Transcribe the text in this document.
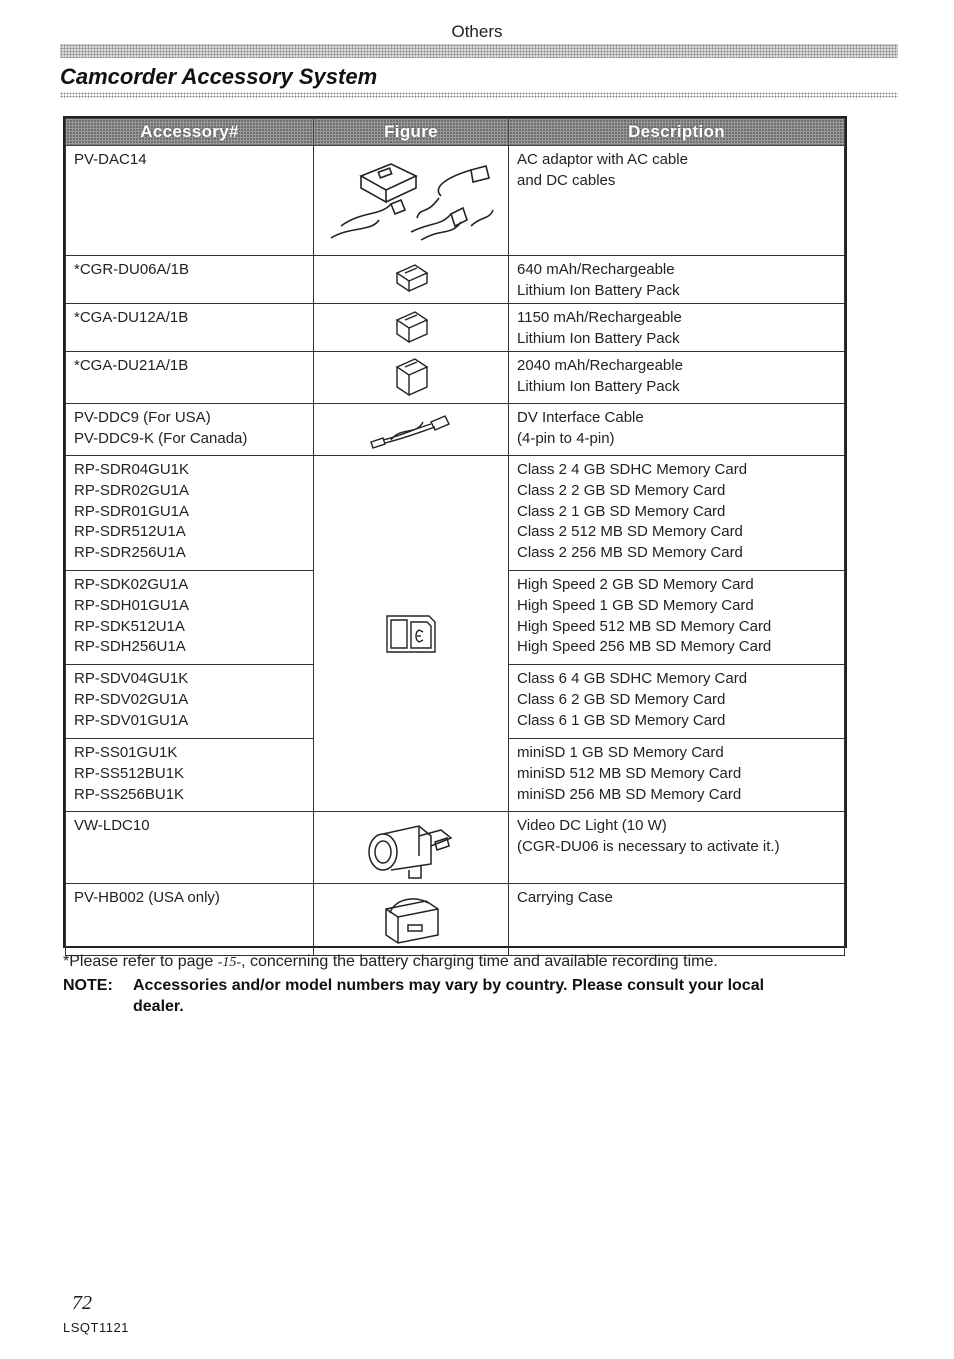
Others
Camcorder Accessory System
Accessory#	Figure	Description

PV-DAC14		AC adaptor with AC cable
and DC cables

*CGR-DU06A/1B		640 mAh/Rechargeable
Lithium Ion Battery Pack

*CGA-DU12A/1B		1150 mAh/Rechargeable
Lithium Ion Battery Pack

*CGA-DU21A/1B		2040 mAh/Rechargeable
Lithium Ion Battery Pack

PV-DDC9 (For USA)
PV-DDC9-K (For Canada)		DV Interface Cable
(4-pin to 4-pin)

RP-SDR04GU1K
RP-SDR02GU1A
RP-SDR01GU1A
RP-SDR512U1A
RP-SDR256U1A		Class 2 4 GB SDHC Memory Card
Class 2 2 GB SD Memory Card
Class 2 1 GB SD Memory Card
Class 2 512 MB SD Memory Card
Class 2 256 MB SD Memory Card

RP-SDK02GU1A
RP-SDH01GU1A
RP-SDK512U1A
RP-SDH256U1A		High Speed 2 GB SD Memory Card
High Speed 1 GB SD Memory Card
High Speed 512 MB SD Memory Card
High Speed 256 MB SD Memory Card

RP-SDV04GU1K
RP-SDV02GU1A
RP-SDV01GU1A		Class 6 4 GB SDHC Memory Card
Class 6 2 GB SD Memory Card
Class 6 1 GB SD Memory Card

RP-SS01GU1K
RP-SS512BU1K
RP-SS256BU1K		miniSD 1 GB SD Memory Card
miniSD 512 MB SD Memory Card
miniSD 256 MB SD Memory Card

VW-LDC10		Video DC Light (10 W)
(CGR-DU06 is necessary to activate it.)

PV-HB002 (USA only)		Carrying Case
*Please refer to page -15-, concerning the battery charging time and available recording time.
NOTE: Accessories and/or model numbers may vary by country. Please consult your local
dealer.
72
LSQT1121
